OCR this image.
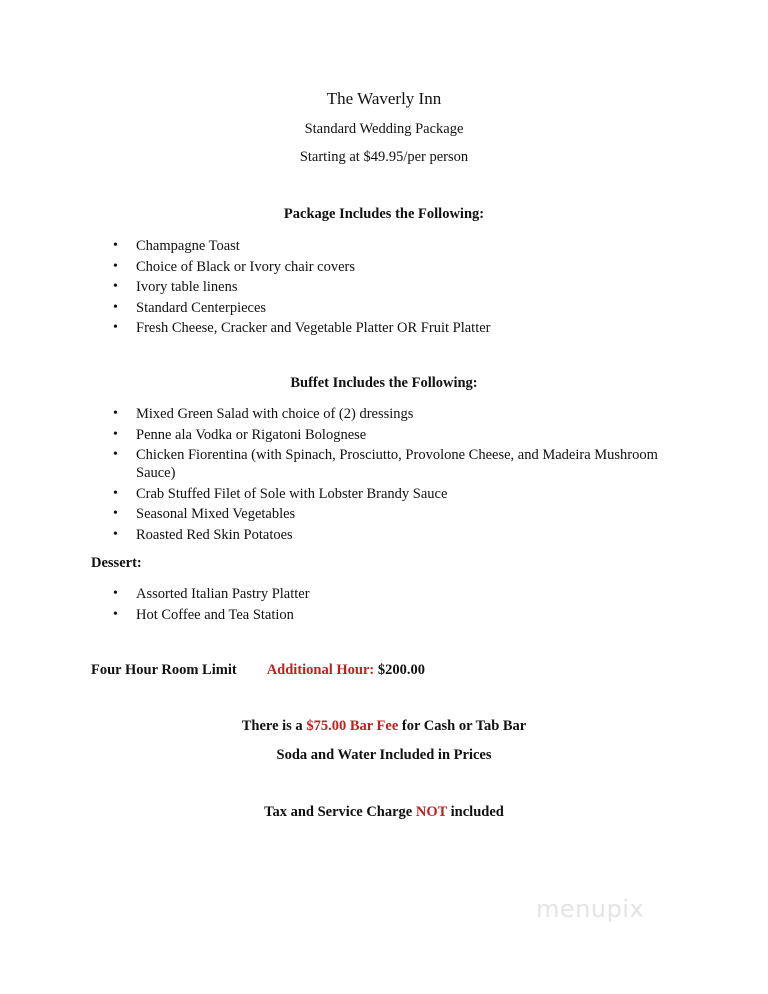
The Waverly Inn
Standard Wedding Package
Starting at $49.95/per person
Package Includes the Following:
• Champagne Toast
• Choice of Black or Ivory chair covers
• Ivory table linens
• Standard Centerpieces
• Fresh Cheese, Cracker and Vegetable Platter OR Fruit Platter
Buffet Includes the Following:
• Mixed Green Salad with choice of (2) dressings
• Penne ala Vodka or Rigatoni Bolognese
• Chicken Fiorentina (with Spinach, Prosciutto, Provolone Cheese, and Madeira Mushroom Sauce)
• Crab Stuffed Filet of Sole with Lobster Brandy Sauce
• Seasonal Mixed Vegetables
• Roasted Red Skin Potatoes
Dessert:
• Assorted Italian Pastry Platter
• Hot Coffee and Tea Station
Four Hour Room Limit Additional Hour: $200.00
There is a $75.00 Bar Fee for Cash or Tab Bar
Soda and Water Included in Prices
Tax and Service Charge NOT included
menupix
